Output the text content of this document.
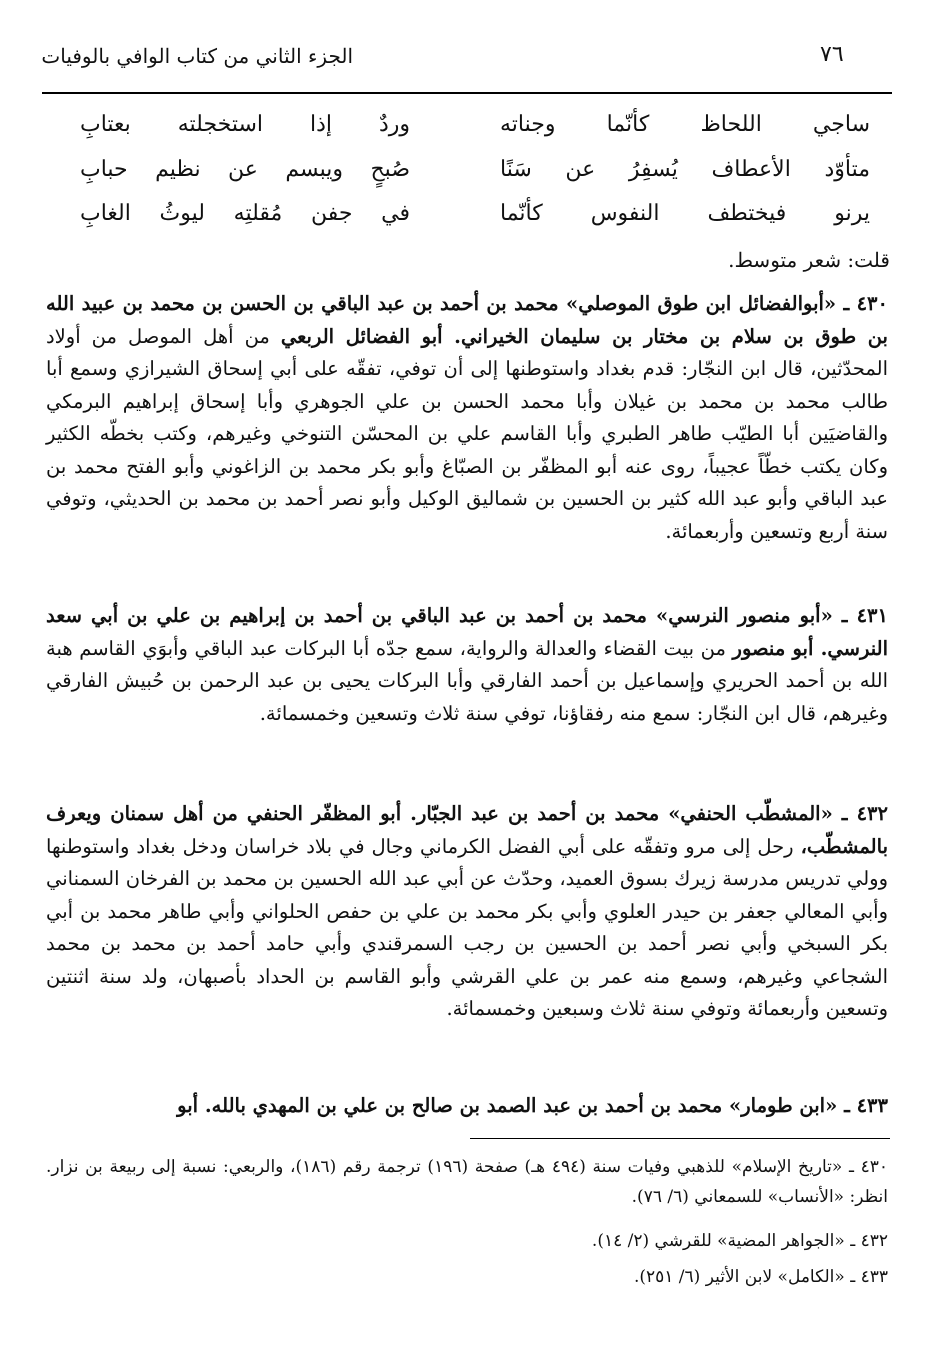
٧٦
الجزء الثاني من كتاب الوافي بالوفيات
ساجي اللحاظ كأنّما وجناته
وردٌ إذا استخجلته بعتابِ
متأوّد الأعطاف يُسفِرُ عن سَنًا
صُبحٍ ويبسم عن نظيم حبابِ
يرنو فيختطف النفوس كأنّما
في جفن مُقلتِه ليوثُ الغابِ
قلت: شعر متوسط.

٤٣٠ ـ «أبوالفضائل ابن طوق الموصلي» محمد بن أحمد بن عبد الباقي بن الحسن بن محمد بن عبيد الله بن طوق بن سلام بن مختار بن سليمان الخيراني. أبو الفضائل الربعي من أهل الموصل من أولاد المحدّثين، قال ابن النجّار: قدم بغداد واستوطنها إلى أن توفي، تفقّه على أبي إسحاق الشيرازي وسمع أبا طالب محمد بن محمد بن غيلان وأبا محمد الحسن بن علي الجوهري وأبا إسحاق إبراهيم البرمكي والقاضيَين أبا الطيّب طاهر الطبري وأبا القاسم علي بن المحسّن التنوخي وغيرهم، وكتب بخطّه الكثير وكان يكتب خطّاً عجيباً، روى عنه أبو المظفّر بن الصبّاغ وأبو بكر محمد بن الزاغوني وأبو الفتح محمد بن عبد الباقي وأبو عبد الله كثير بن الحسين بن شماليق الوكيل وأبو نصر أحمد بن محمد بن الحديثي، وتوفي سنة أربع وتسعين وأربعمائة.

٤٣١ ـ «أبو منصور النرسي» محمد بن أحمد بن عبد الباقي بن أحمد بن إبراهيم بن علي بن أبي سعد النرسي. أبو منصور من بيت القضاء والعدالة والرواية، سمع جدّه أبا البركات عبد الباقي وأبوَي القاسم هبة الله بن أحمد الحريري وإسماعيل بن أحمد الفارقي وأبا البركات يحيى بن عبد الرحمن بن حُبيش الفارقي وغيرهم، قال ابن النجّار: سمع منه رفقاؤنا، توفي سنة ثلاث وتسعين وخمسمائة.

٤٣٢ ـ «المشطّب الحنفي» محمد بن أحمد بن عبد الجبّار. أبو المظفّر الحنفي من أهل سمنان ويعرف بالمشطّب، رحل إلى مرو وتفقّه على أبي الفضل الكرماني وجال في بلاد خراسان ودخل بغداد واستوطنها وولي تدريس مدرسة زيرك بسوق العميد، وحدّث عن أبي عبد الله الحسين بن محمد بن الفرخان السمناني وأبي المعالي جعفر بن حيدر العلوي وأبي بكر محمد بن علي بن حفص الحلواني وأبي طاهر محمد بن أبي بكر السبخي وأبي نصر أحمد بن الحسين بن رجب السمرقندي وأبي حامد أحمد بن محمد بن محمد الشجاعي وغيرهم، وسمع منه عمر بن علي القرشي وأبو القاسم بن الحداد بأصبهان، ولد سنة اثنتين وتسعين وأربعمائة وتوفي سنة ثلاث وسبعين وخمسمائة.

٤٣٣ ـ «ابن طومار» محمد بن أحمد بن عبد الصمد بن صالح بن علي بن المهدي بالله. أبو

٤٣٠ ـ «تاريخ الإسلام» للذهبي وفيات سنة (٤٩٤ هـ) صفحة (١٩٦) ترجمة رقم (١٨٦)، والربعي: نسبة إلى ربيعة بن نزار. انظر: «الأنساب» للسمعاني (٦/ ٧٦).

٤٣٢ ـ «الجواهر المضية» للقرشي (٢/ ١٤).

٤٣٣ ـ «الكامل» لابن الأثير (٦/ ٢٥١).
